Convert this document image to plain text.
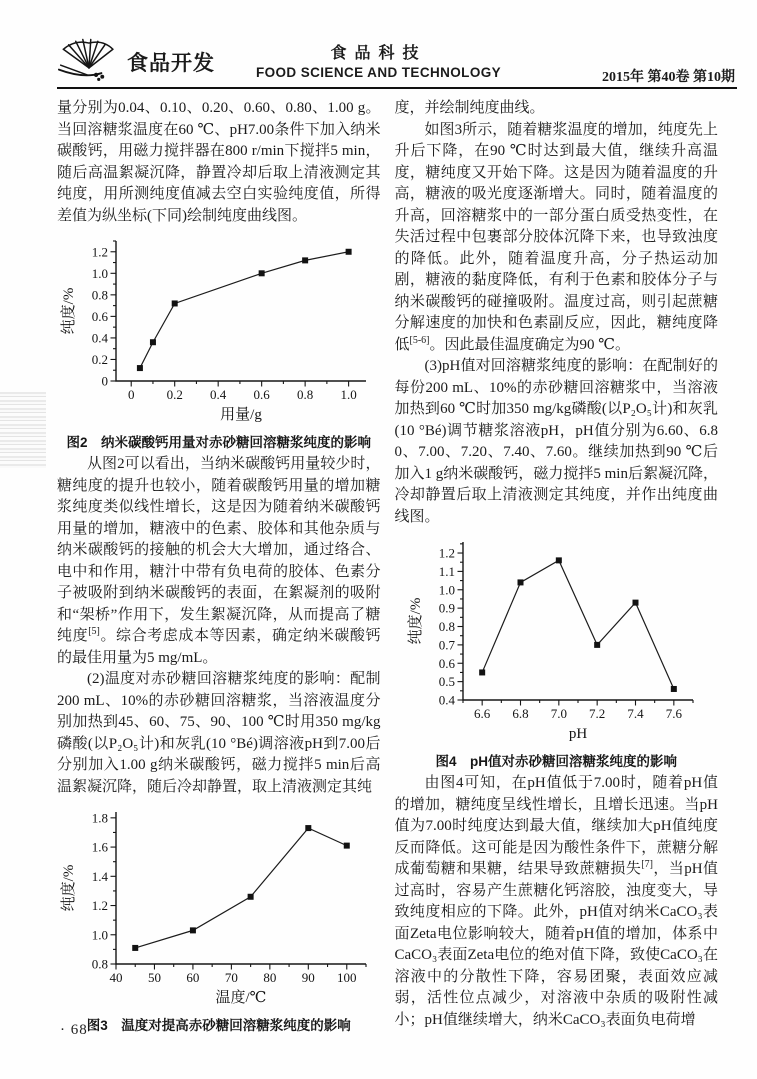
食品开发	食品科技
FOOD SCIENCE AND TECHNOLOGY	2015年 第40卷 第10期
量分别为0.04、0.10、0.20、0.60、0.80、1.00 g。当回溶糖浆温度在60 ℃、pH7.00条件下加入纳米碳酸钙，用磁力搅拌器在800 r/min下搅拌5 min，随后高温絮凝沉降，静置冷却后取上清液测定其纯度，用所测纯度值减去空白实验纯度值，所得差值为纵坐标(下同)绘制纯度曲线图。
0 0.2 0.4 0.6 0.8 1.0
0
0.2
0.4
0.6
0.8
1.0
1.2
用量/g
纯度/%
图2　纳米碳酸钙用量对赤砂糖回溶糖浆纯度的影响
从图2可以看出，当纳米碳酸钙用量较少时，糖纯度的提升也较小，随着碳酸钙用量的增加糖浆纯度类似线性增长，这是因为随着纳米碳酸钙用量的增加，糖液中的色素、胶体和其他杂质与纳米碳酸钙的接触的机会大大增加，通过络合、电中和作用，糖汁中带有负电荷的胶体、色素分子被吸附到纳米碳酸钙的表面，在絮凝剂的吸附和“架桥”作用下，发生絮凝沉降，从而提高了糖纯度[5]。综合考虑成本等因素，确定纳米碳酸钙的最佳用量为5 mg/mL。
(2)温度对赤砂糖回溶糖浆纯度的影响：配制200 mL、10%的赤砂糖回溶糖浆，当溶液温度分别加热到45、60、75、90、100 ℃时用350 mg/kg磷酸(以P₂O₅计)和灰乳(10 °Bé)调溶液pH到7.00后分别加入1.00 g纳米碳酸钙，磁力搅拌5 min后高温絮凝沉降，随后冷却静置，取上清液测定其纯
40 50 60 70 80 90 100
0.8
1.0
1.2
1.4
1.6
1.8
温度/℃
纯度/%
图3　温度对提高赤砂糖回溶糖浆纯度的影响
度，并绘制纯度曲线。
如图3所示，随着糖浆温度的增加，纯度先上升后下降，在90 ℃时达到最大值，继续升高温度，糖纯度又开始下降。这是因为随着温度的升高，糖液的吸光度逐渐增大。同时，随着温度的升高，回溶糖浆中的一部分蛋白质受热变性，在失活过程中包裹部分胶体沉降下来，也导致浊度的降低。此外，随着温度升高，分子热运动加剧，糖液的黏度降低，有利于色素和胶体分子与纳米碳酸钙的碰撞吸附。温度过高，则引起蔗糖分解速度的加快和色素副反应，因此，糖纯度降低[5-6]。因此最佳温度确定为90 ℃。
(3)pH值对回溶糖浆纯度的影响：在配制好的每份200 mL、10%的赤砂糖回溶糖浆中，当溶液加热到60 ℃时加350 mg/kg磷酸(以P₂O₅计)和灰乳(10 °Bé)调节糖浆溶液pH，pH值分别为6.60、6.80、7.00、7.20、7.40、7.60。继续加热到90 ℃后加入1 g纳米碳酸钙，磁力搅拌5 min后絮凝沉降，冷却静置后取上清液测定其纯度，并作出纯度曲线图。
6.6 6.8 7.0 7.2 7.4 7.6
0.4
0.5
0.6
0.7
0.8
0.9
1.0
1.1
1.2
pH
纯度/%
图4　pH值对赤砂糖回溶糖浆纯度的影响
由图4可知，在pH值低于7.00时，随着pH值的增加，糖纯度呈线性增长，且增长迅速。当pH值为7.00时纯度达到最大值，继续加大pH值纯度反而降低。这可能是因为酸性条件下，蔗糖分解成葡萄糖和果糖，结果导致蔗糖损失[7]，当pH值过高时，容易产生蔗糖化钙溶胶，浊度变大，导致纯度相应的下降。此外，pH值对纳米CaCO₃表面Zeta电位影响较大，随着pH值的增加，体系中CaCO₃表面Zeta电位的绝对值下降，致使CaCO₃在溶液中的分散性下降，容易团聚，表面效应减弱，活性位点减少，对溶液中杂质的吸附性减小；pH值继续增大，纳米CaCO₃表面负电荷增
· 68 ·
